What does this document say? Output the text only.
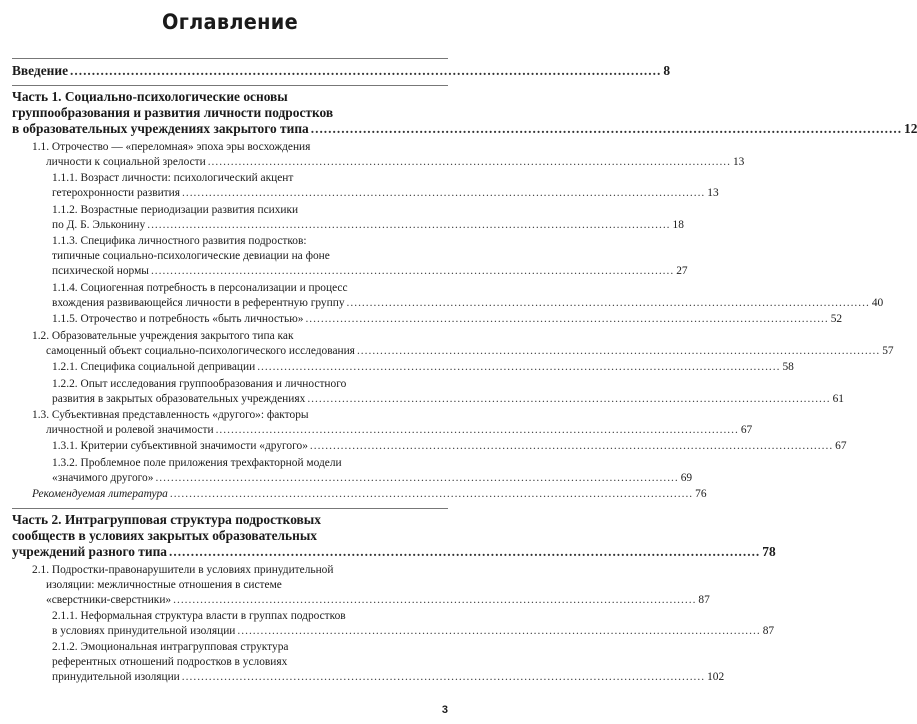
Оглавление
Введение ........................................................................................................................................ 8
Часть 1. Социально-психологические основы
группообразования и развития личности подростков
в образовательных учреждениях закрытого типа ........................................................................................................................................ 12
1.1. Отрочество — «переломная» эпоха эры восхождения
личности к социальной зрелости ........................................................................................................................................ 13
1.1.1. Возраст личности: психологический акцент
гетерохронности развития ........................................................................................................................................ 13
1.1.2. Возрастные периодизации развития психики
по Д. Б. Эльконину ........................................................................................................................................ 18
1.1.3. Специфика личностного развития подростков:
типичные социально-психологические девиации на фоне
психической нормы ........................................................................................................................................ 27
1.1.4. Социогенная потребность в персонализации и процесс
вхождения развивающейся личности в референтную группу ........................................................................................................................................ 40
1.1.5. Отрочество и потребность «быть личностью» ........................................................................................................................................ 52
1.2. Образовательные учреждения закрытого типа как
самоценный объект социально-психологического исследования ........................................................................................................................................ 57
1.2.1. Специфика социальной депривации ........................................................................................................................................ 58
1.2.2. Опыт исследования группообразования и личностного
развития в закрытых образовательных учреждениях ........................................................................................................................................ 61
1.3. Субъективная представленность «другого»: факторы
личностной и ролевой значимости ........................................................................................................................................ 67
1.3.1. Критерии субъективной значимости «другого» ........................................................................................................................................ 67
1.3.2. Проблемное поле приложения трехфакторной модели
«значимого другого» ........................................................................................................................................ 69
Рекомендуемая литература ........................................................................................................................................ 76
Часть 2. Интрагрупповая структура подростковых
сообществ в условиях закрытых образовательных
учреждений разного типа ........................................................................................................................................ 78
2.1. Подростки-правонарушители в условиях принудительной
изоляции: межличностные отношения в системе
«сверстники-сверстники» ........................................................................................................................................ 87
2.1.1. Неформальная структура власти в группах подростков
в условиях принудительной изоляции ........................................................................................................................................ 87
2.1.2. Эмоциональная интрагрупповая структура
референтных отношений подростков в условиях
принудительной изоляции ........................................................................................................................................ 102
3
